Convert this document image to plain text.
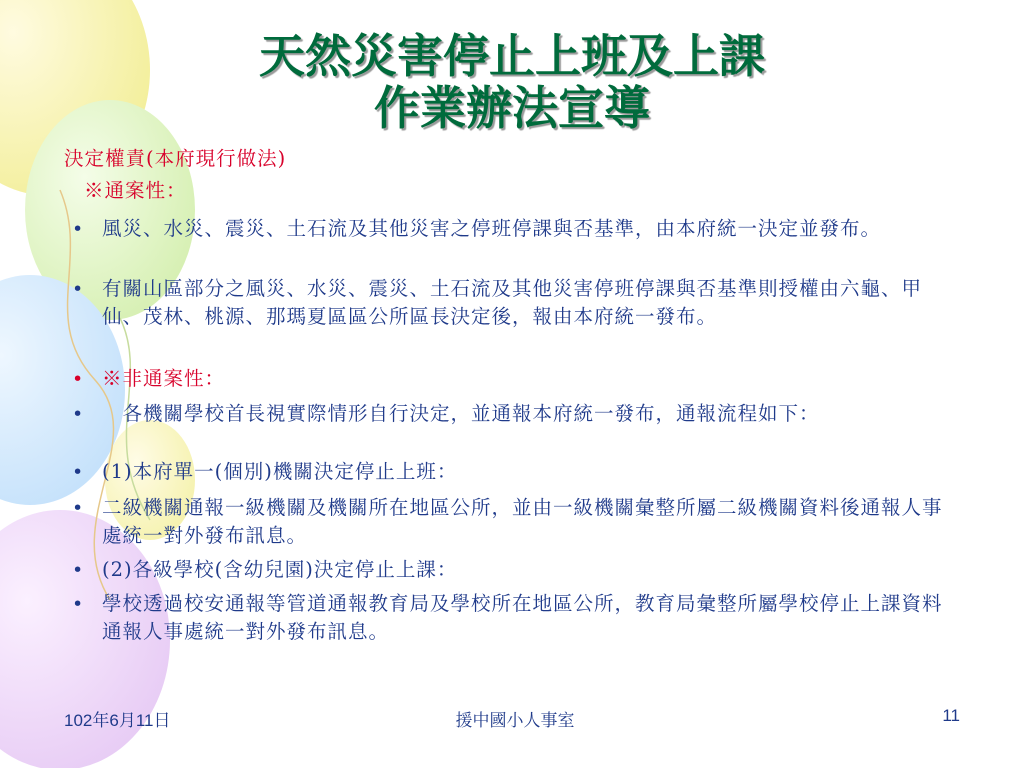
天然災害停止上班及上課
作業辦法宣導
決定權責(本府現行做法)
※通案性：
• 風災、水災、震災、土石流及其他災害之停班停課與否基準，由本府統一決定並發布。
• 有關山區部分之風災、水災、震災、土石流及其他災害停班停課與否基準則授權由六龜、甲仙、茂林、桃源、那瑪夏區區公所區長決定後，報由本府統一發布。
• ※非通案性：
• 　各機關學校首長視實際情形自行決定，並通報本府統一發布，通報流程如下：
• (1)本府單一(個別)機關決定停止上班：
• 二級機關通報一級機關及機關所在地區公所，並由一級機關彙整所屬二級機關資料後通報人事處統一對外發布訊息。
• (2)各級學校(含幼兒園)決定停止上課：
• 學校透過校安通報等管道通報教育局及學校所在地區公所，教育局彙整所屬學校停止上課資料通報人事處統一對外發布訊息。
102年6月11日	援中國小人事室	11
